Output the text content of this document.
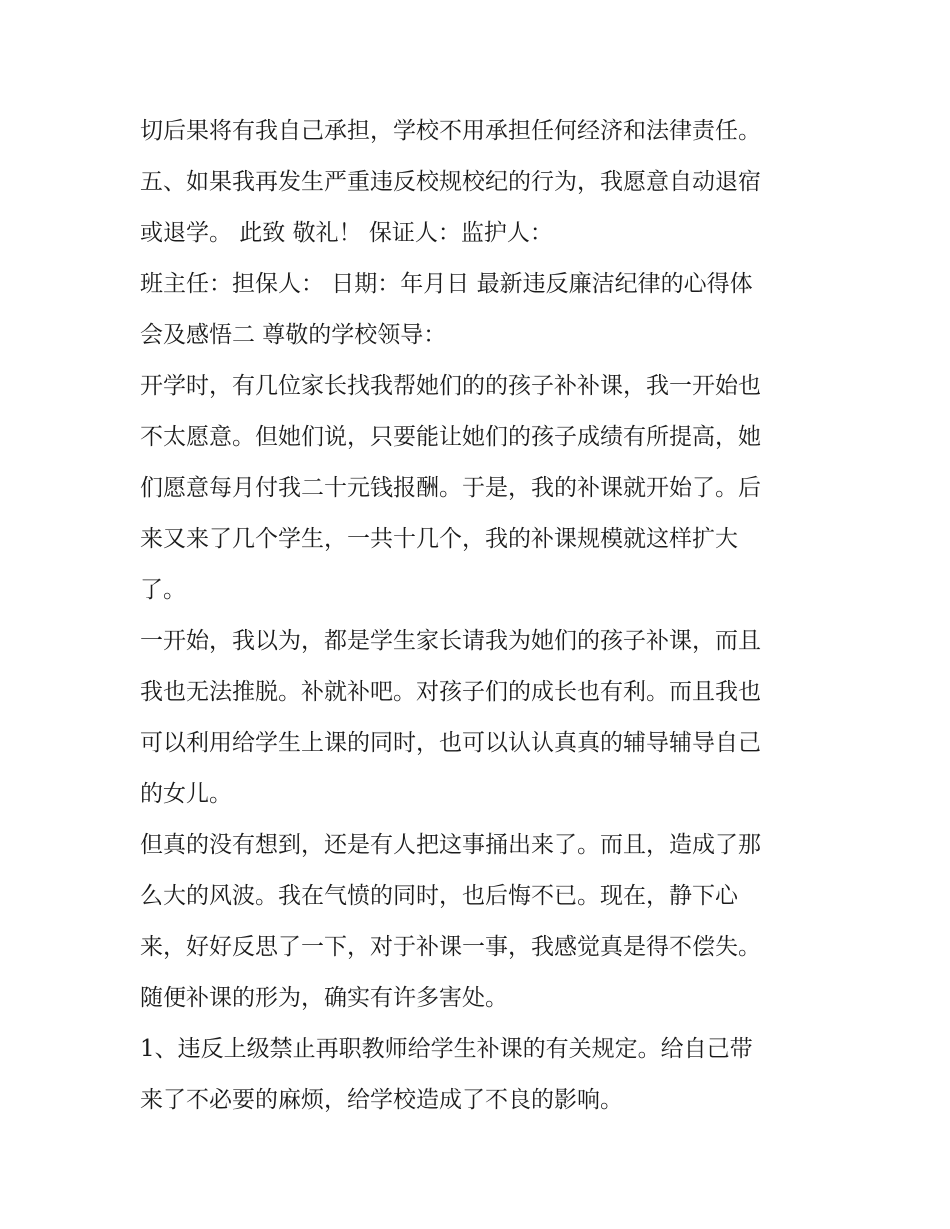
切后果将有我自己承担，学校不用承担任何经济和法律责任。

五、如果我再发生严重违反校规校纪的行为，我愿意自动退宿

或退学。 此致 敬礼！ 保证人：监护人：

班主任：担保人： 日期：年月日 最新违反廉洁纪律的心得体

会及感悟二 尊敬的学校领导：

开学时，有几位家长找我帮她们的的孩子补补课，我一开始也

不太愿意。但她们说，只要能让她们的孩子成绩有所提高，她

们愿意每月付我二十元钱报酬。于是，我的补课就开始了。后

来又来了几个学生，一共十几个，我的补课规模就这样扩大

了。

一开始，我以为，都是学生家长请我为她们的孩子补课，而且

我也无法推脱。补就补吧。对孩子们的成长也有利。而且我也

可以利用给学生上课的同时，也可以认认真真的辅导辅导自己

的女儿。

但真的没有想到，还是有人把这事捅出来了。而且，造成了那

么大的风波。我在气愤的同时，也后悔不已。现在，静下心

来，好好反思了一下，对于补课一事，我感觉真是得不偿失。

随便补课的形为，确实有许多害处。

1、违反上级禁止再职教师给学生补课的有关规定。给自己带

来了不必要的麻烦，给学校造成了不良的影响。
